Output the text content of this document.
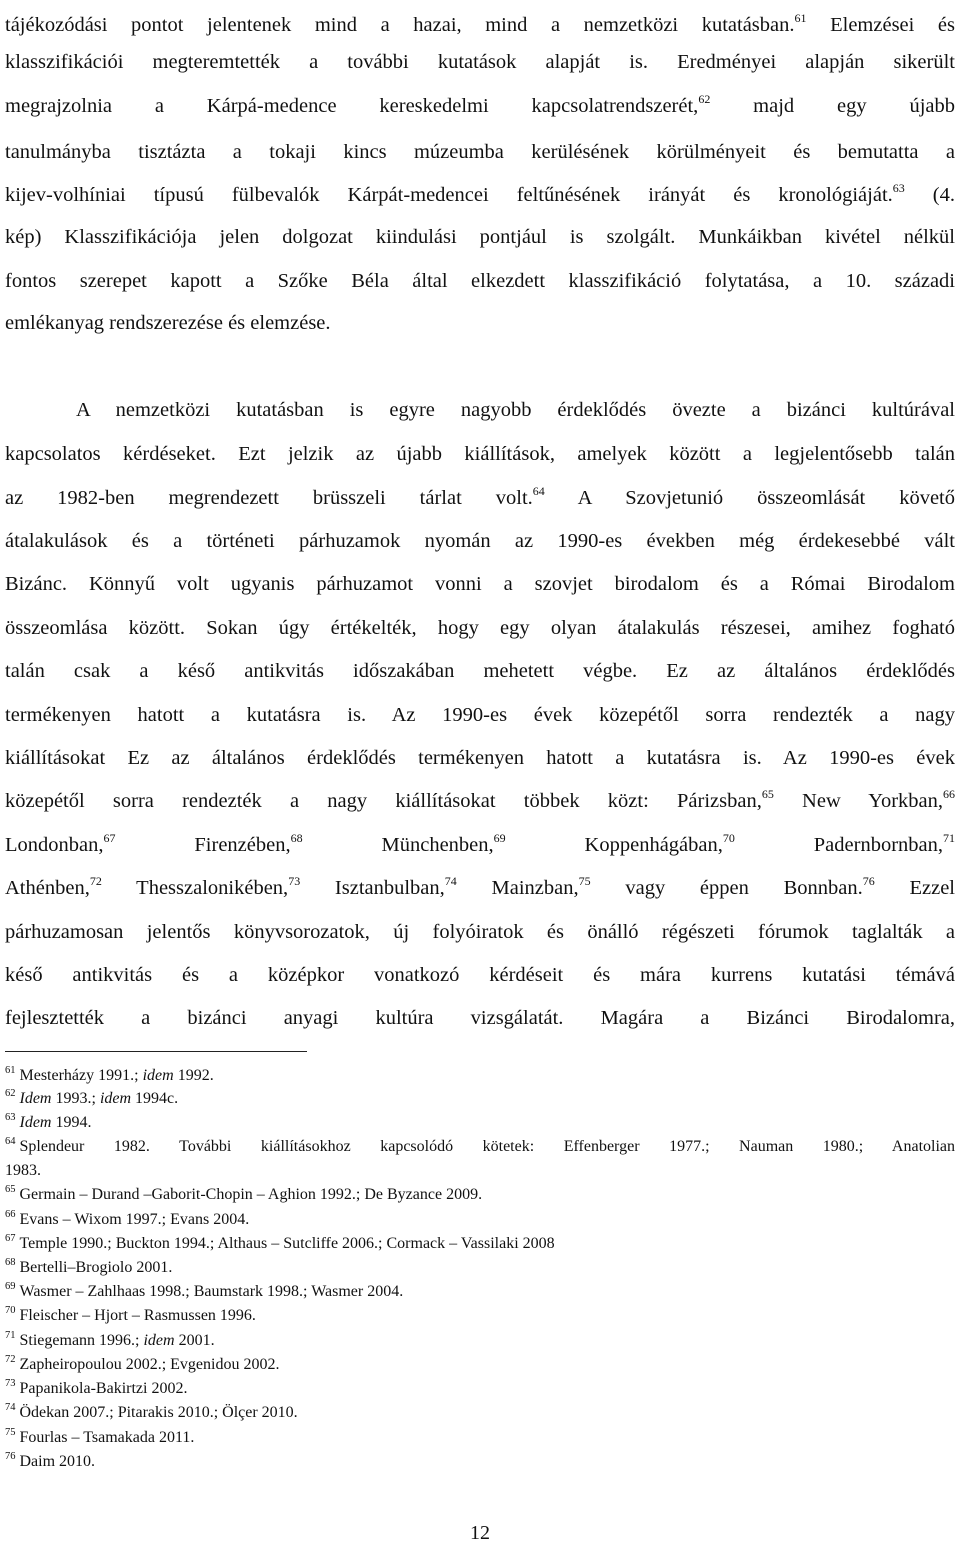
tájékozódási pontot jelentenek mind a hazai, mind a nemzetközi kutatásban.$^{61}$ Elemzései és
klasszifikációi megteremtették a további kutatások alapját is. Eredményei alapján sikerült
megrajzolnia a Kárpá-medence kereskedelmi kapcsolatrendszerét,$^{62}$ majd egy újabb
tanulmányba tisztázta a tokaji kincs múzeumba kerülésének körülményeit és bemutatta a
kijev-volhíniai típusú fülbevalók Kárpát-medencei feltűnésének irányát és kronológiáját.$^{63}$ (4.
kép) Klasszifikációja jelen dolgozat kiindulási pontjául is szolgált. Munkáikban kivétel nélkül
fontos szerepet kapott a Szőke Béla által elkezdett klasszifikáció folytatása, a 10. századi
emlékanyag rendszerezése és elemzése.
A nemzetközi kutatásban is egyre nagyobb érdeklődés övezte a bizánci kultúrával
kapcsolatos kérdéseket. Ezt jelzik az újabb kiállítások, amelyek között a legjelentősebb talán
az 1982-ben megrendezett brüsszeli tárlat volt.$^{64}$ A Szovjetunió összeomlását követő
átalakulások és a történeti párhuzamok nyomán az 1990-es években még érdekesebbé vált
Bizánc. Könnyű volt ugyanis párhuzamot vonni a szovjet birodalom és a Római Birodalom
összeomlása között. Sokan úgy értékelték, hogy egy olyan átalakulás részesei, amihez fogható
talán csak a késő antikvitás időszakában mehetett végbe. Ez az általános érdeklődés
termékenyen hatott a kutatásra is. Az 1990-es évek közepétől sorra rendezték a nagy
kiállításokat Ez az általános érdeklődés termékenyen hatott a kutatásra is. Az 1990-es évek
közepétől sorra rendezték a nagy kiállításokat többek közt: Párizsban,$^{65}$ New Yorkban,$^{66}$
Londonban,$^{67}$ Firenzében,$^{68}$ Münchenben,$^{69}$ Koppenhágában,$^{70}$ Padernbornban,$^{71}$
Athénben,$^{72}$ Thesszalonikében,$^{73}$ Isztanbulban,$^{74}$ Mainzban,$^{75}$ vagy éppen Bonnban.$^{76}$ Ezzel
párhuzamosan jelentős könyvsorozatok, új folyóiratok és önálló régészeti fórumok taglalták a
késő antikvitás és a középkor vonatkozó kérdéseit és mára kurrens kutatási témává
fejlesztették a bizánci anyagi kultúra vizsgálatát. Magára a Bizánci Birodalomra,
$^{61}$ Mesterházy 1991.; idem 1992.
$^{62}$ Idem 1993.; idem 1994c.
$^{63}$ Idem 1994.
$^{64}$ Splendeur 1982. További kiállításokhoz kapcsolódó kötetek: Effenberger 1977.; Nauman 1980.; Anatolian
1983.
$^{65}$ Germain – Durand –Gaborit-Chopin – Aghion 1992.; De Byzance 2009.
$^{66}$ Evans – Wixom 1997.; Evans 2004.
$^{67}$ Temple 1990.; Buckton 1994.; Althaus – Sutcliffe 2006.; Cormack – Vassilaki 2008
$^{68}$ Bertelli–Brogiolo 2001.
$^{69}$ Wasmer – Zahlhaas 1998.; Baumstark 1998.; Wasmer 2004.
$^{70}$ Fleischer – Hjort – Rasmussen 1996.
$^{71}$ Stiegemann 1996.; idem 2001.
$^{72}$ Zapheiropoulou 2002.; Evgenidou 2002.
$^{73}$ Papanikola-Bakirtzi 2002.
$^{74}$ Ödekan 2007.; Pitarakis 2010.; Ölçer 2010.
$^{75}$ Fourlas – Tsamakada 2011.
$^{76}$ Daim 2010.
12
